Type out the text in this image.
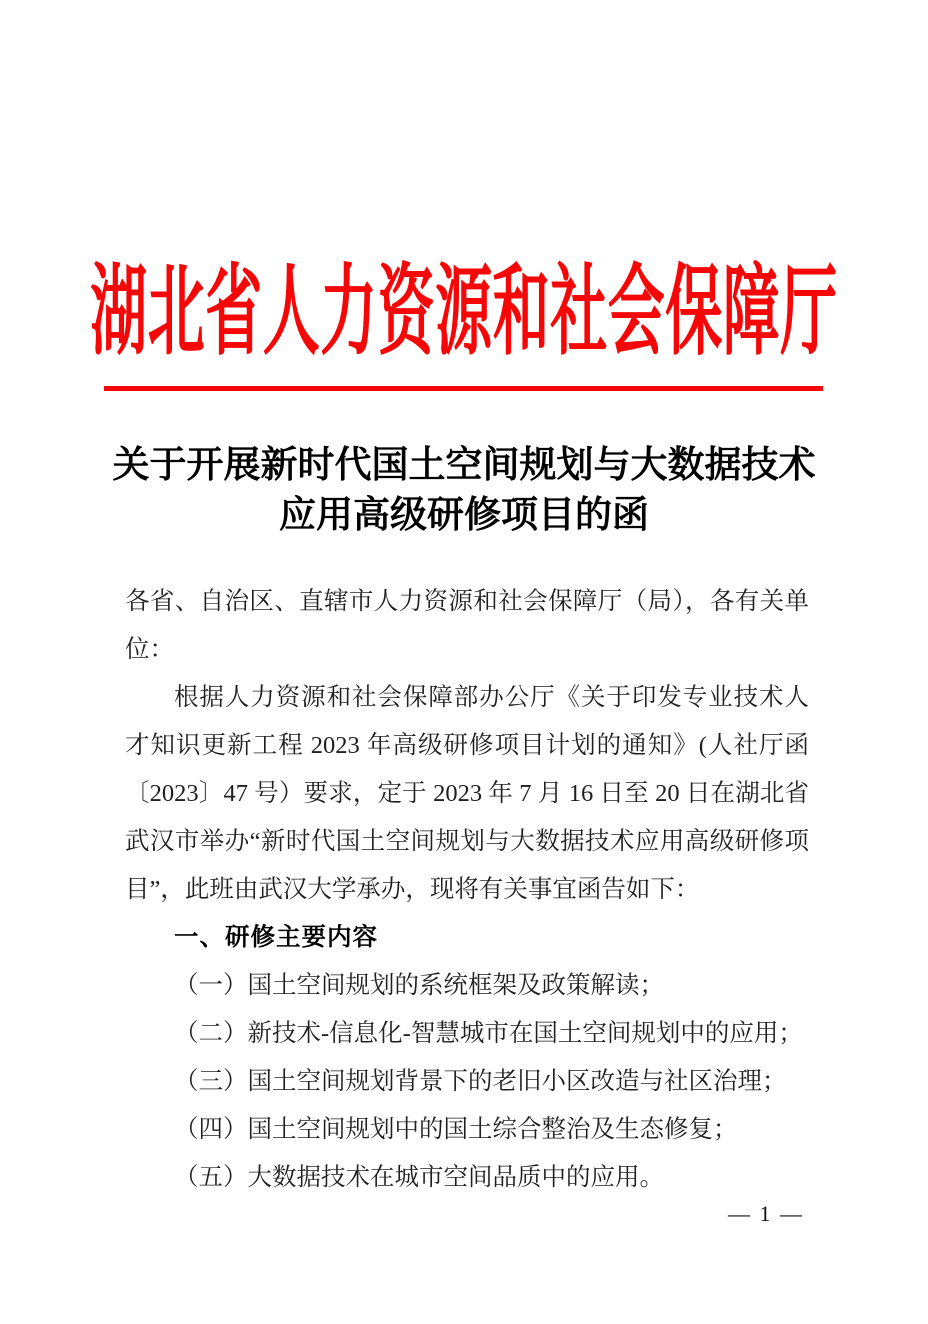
湖北省人力资源和社会保障厅
关于开展新时代国土空间规划与大数据技术应用高级研修项目的函
各省、自治区、直辖市人力资源和社会保障厅（局），各有关单位：
根据人力资源和社会保障部办公厅《关于印发专业技术人才知识更新工程 2023 年高级研修项目计划的通知》(人社厅函〔2023〕47 号）要求，定于 2023 年 7 月 16 日至 20 日在湖北省武汉市举办“新时代国土空间规划与大数据技术应用高级研修项目”，此班由武汉大学承办，现将有关事宜函告如下：
一、研修主要内容
（一）国土空间规划的系统框架及政策解读；
（二）新技术-信息化-智慧城市在国土空间规划中的应用；
（三）国土空间规划背景下的老旧小区改造与社区治理；
（四）国土空间规划中的国土综合整治及生态修复；
（五）大数据技术在城市空间品质中的应用。
— 1 —
